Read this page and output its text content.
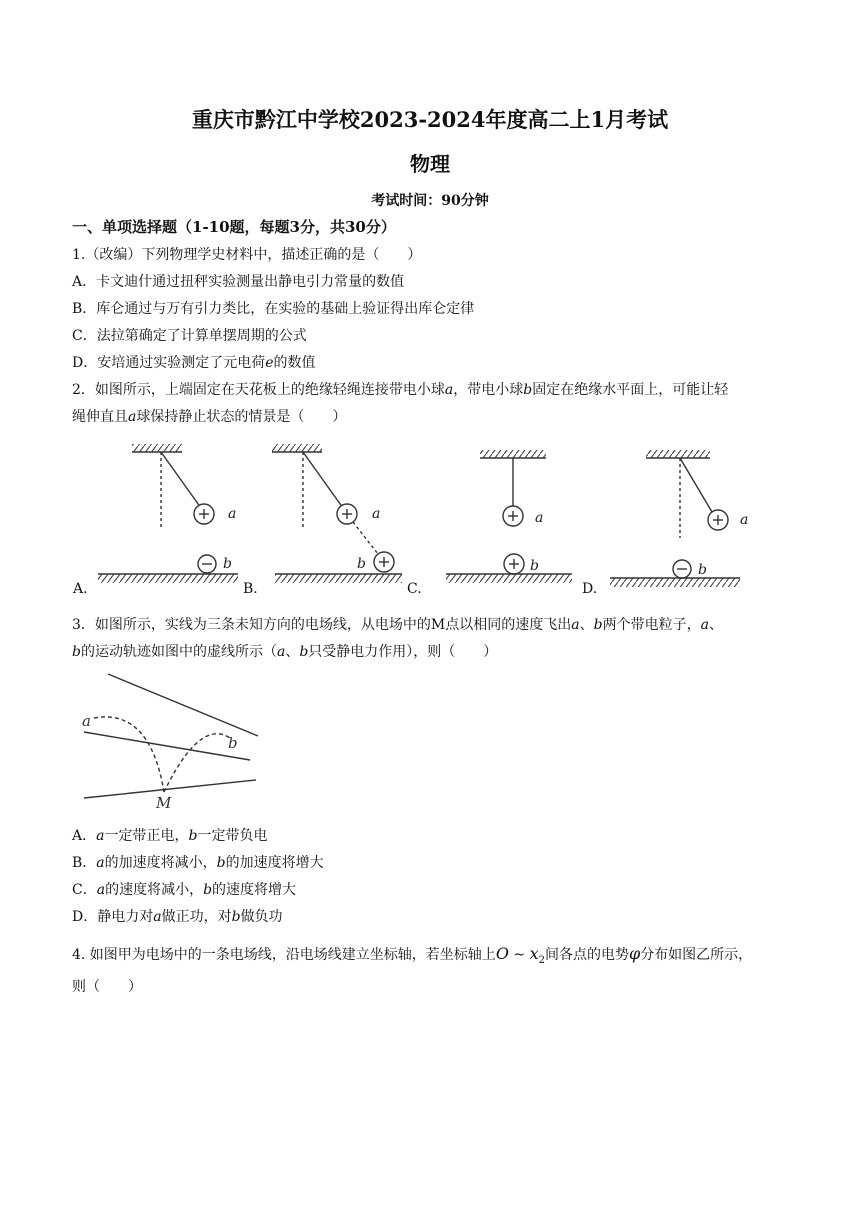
重庆市黔江中学校2023-2024年度高二上1月考试
物理
考试时间：90分钟
一、单项选择题（1-10题，每题3分，共30分）
1.（改编）下列物理学史材料中，描述正确的是（　　）
A．卡文迪什通过扭秤实验测量出静电引力常量的数值
B．库仑通过与万有引力类比，在实验的基础上验证得出库仑定律
C．法拉第确定了计算单摆周期的公式
D．安培通过实验测定了元电荷e的数值
2．如图所示，上端固定在天花板上的绝缘轻绳连接带电小球a，带电小球b固定在绝缘水平面上，可能让轻
绳伸直且a球保持静止状态的情景是（　　）
a
b
a
b
a
b
a
b
A.	B.	C.	D.
3．如图所示，实线为三条未知方向的电场线，从电场中的M点以相同的速度飞出a、b两个带电粒子，a、
b的运动轨迹如图中的虚线所示（a、b只受静电力作用），则（　　）
a
b
M
A．a一定带正电，b一定带负电
B．a的加速度将减小，b的加速度将增大
C．a的速度将减小，b的速度将增大
D．静电力对a做正功，对b做负功
4. 如图甲为电场中的一条电场线，沿电场线建立坐标轴，若坐标轴上O ~ $x_2$间各点的电势φ分布如图乙所示，
则（　　）
